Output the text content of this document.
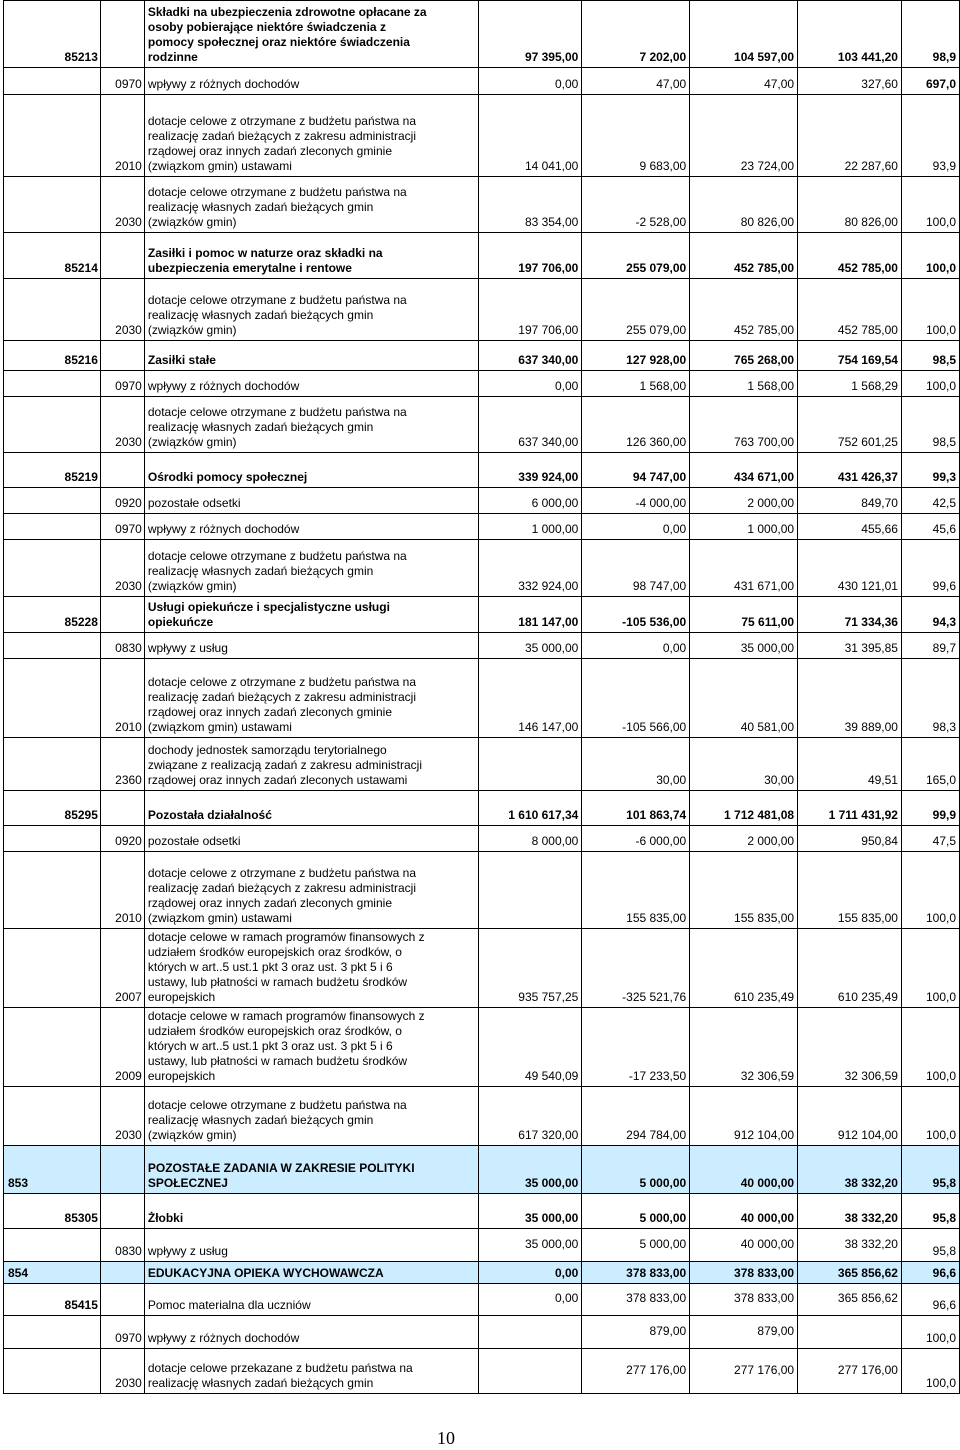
85213		Składki na ubezpieczenia zdrowotne opłacane za
osoby pobierające niektóre świadczenia z
pomocy społecznej oraz niektóre świadczenia
rodzinne	97 395,00	7 202,00	104 597,00	103 441,20	98,9
	0970	wpływy z różnych dochodów	0,00	47,00	47,00	327,60	697,0
	2010	dotacje celowe z otrzymane z budżetu państwa na
realizację zadań bieżących z zakresu administracji
rządowej oraz innych zadań zleconych gminie
(związkom gmin) ustawami	14 041,00	9 683,00	23 724,00	22 287,60	93,9
	2030	dotacje celowe otrzymane z budżetu państwa na
realizację własnych zadań bieżących gmin
(związków gmin)	83 354,00	-2 528,00	80 826,00	80 826,00	100,0
85214		Zasiłki i pomoc w naturze oraz składki na
ubezpieczenia emerytalne i rentowe	197 706,00	255 079,00	452 785,00	452 785,00	100,0
	2030	dotacje celowe otrzymane z budżetu państwa na
realizację własnych zadań bieżących gmin
(związków gmin)	197 706,00	255 079,00	452 785,00	452 785,00	100,0
85216		Zasiłki stałe	637 340,00	127 928,00	765 268,00	754 169,54	98,5
	0970	wpływy z różnych dochodów	0,00	1 568,00	1 568,00	1 568,29	100,0
	2030	dotacje celowe otrzymane z budżetu państwa na
realizację własnych zadań bieżących gmin
(związków gmin)	637 340,00	126 360,00	763 700,00	752 601,25	98,5
85219		Ośrodki pomocy społecznej	339 924,00	94 747,00	434 671,00	431 426,37	99,3
	0920	pozostałe odsetki	6 000,00	-4 000,00	2 000,00	849,70	42,5
	0970	wpływy z różnych dochodów	1 000,00	0,00	1 000,00	455,66	45,6
	2030	dotacje celowe otrzymane z budżetu państwa na
realizację własnych zadań bieżących gmin
(związków gmin)	332 924,00	98 747,00	431 671,00	430 121,01	99,6
85228		Usługi opiekuńcze i specjalistyczne usługi
opiekuńcze	181 147,00	-105 536,00	75 611,00	71 334,36	94,3
	0830	wpływy z usług	35 000,00	0,00	35 000,00	31 395,85	89,7
	2010	dotacje celowe z otrzymane z budżetu państwa na
realizację zadań bieżących z zakresu administracji
rządowej oraz innych zadań zleconych gminie
(związkom gmin) ustawami	146 147,00	-105 566,00	40 581,00	39 889,00	98,3
	2360	dochody jednostek samorządu terytorialnego
związane z realizacją zadań z zakresu administracji
rządowej oraz innych zadań zleconych ustawami		30,00	30,00	49,51	165,0
85295		Pozostała działalność	1 610 617,34	101 863,74	1 712 481,08	1 711 431,92	99,9
	0920	pozostałe odsetki	8 000,00	-6 000,00	2 000,00	950,84	47,5
	2010	dotacje celowe z otrzymane z budżetu państwa na
realizację zadań bieżących z zakresu administracji
rządowej oraz innych zadań zleconych gminie
(związkom gmin) ustawami		155 835,00	155 835,00	155 835,00	100,0
	2007	dotacje celowe w ramach programów finansowych z
udziałem środków europejskich oraz środków, o
których w art..5 ust.1 pkt 3 oraz ust. 3 pkt 5 i 6
ustawy, lub płatności w ramach budżetu środków
europejskich	935 757,25	-325 521,76	610 235,49	610 235,49	100,0
	2009	dotacje celowe w ramach programów finansowych z
udziałem środków europejskich oraz środków, o
których w art..5 ust.1 pkt 3 oraz ust. 3 pkt 5 i 6
ustawy, lub płatności w ramach budżetu środków
europejskich	49 540,09	-17 233,50	32 306,59	32 306,59	100,0
	2030	dotacje celowe otrzymane z budżetu państwa na
realizację własnych zadań bieżących gmin
(związków gmin)	617 320,00	294 784,00	912 104,00	912 104,00	100,0
853		POZOSTAŁE ZADANIA W ZAKRESIE POLITYKI
SPOŁECZNEJ	35 000,00	5 000,00	40 000,00	38 332,20	95,8
85305		Żłobki	35 000,00	5 000,00	40 000,00	38 332,20	95,8
	0830	wpływy z usług	35 000,00	5 000,00	40 000,00	38 332,20	95,8
854		EDUKACYJNA OPIEKA WYCHOWAWCZA	0,00	378 833,00	378 833,00	365 856,62	96,6
85415		Pomoc materialna dla uczniów	0,00	378 833,00	378 833,00	365 856,62	96,6
	0970	wpływy z różnych dochodów		879,00	879,00		100,0
	2030	dotacje celowe przekazane z budżetu państwa na
realizację własnych zadań bieżących gmin		277 176,00	277 176,00	277 176,00	100,0
10
